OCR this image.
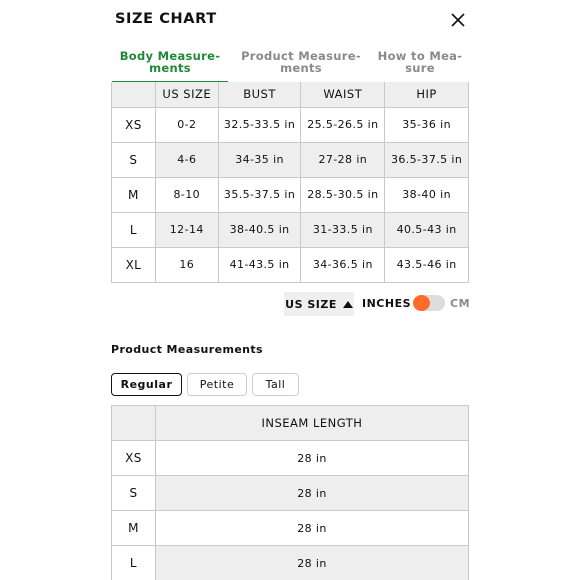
SIZE CHART
Body Measure-
ments
Product Measure-
ments
How to Mea-
sure
	US SIZE	BUST	WAIST	HIP
XS	0-2	32.5-33.5 in	25.5-26.5 in	35-36 in
S	4-6	34-35 in	27-28 in	36.5-37.5 in
M	8-10	35.5-37.5 in	28.5-30.5 in	38-40 in
L	12-14	38-40.5 in	31-33.5 in	40.5-43 in
XL	16	41-43.5 in	34-36.5 in	43.5-46 in
US SIZE INCHES	CM
Product Measurements
Regular	Petite	Tall
	INSEAM LENGTH
XS	28 in
S	28 in
M	28 in
L	28 in
